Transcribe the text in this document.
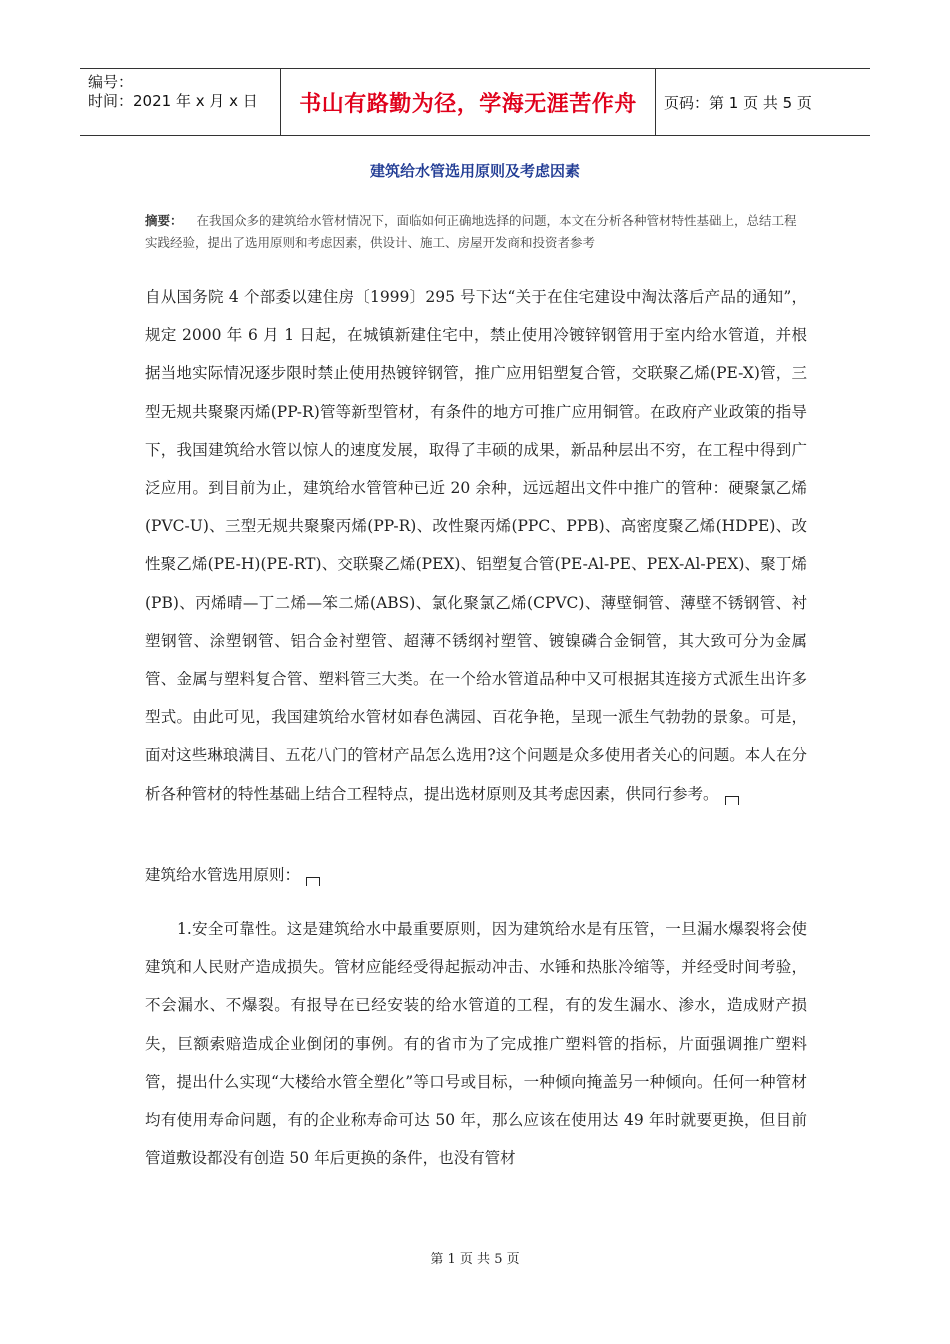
编号：
时间：2021 年 x 月 x 日	书山有路勤为径，学海无涯苦作舟 页码：第 1 页 共 5 页
建筑给水管选用原则及考虑因素
摘要： 在我国众多的建筑给水管材情况下，面临如何正确地选择的问题，本文在分析各种管材特性基础上，总结工程实践经验，提出了选用原则和考虑因素，供设计、施工、房屋开发商和投资者参考

自从国务院 4 个部委以建住房〔1999〕295 号下达“关于在住宅建设中淘汰落后产品的通知”，规定 2000 年 6 月 1 日起，在城镇新建住宅中，禁止使用冷镀锌钢管用于室内给水管道，并根据当地实际情况逐步限时禁止使用热镀锌钢管，推广应用铝塑复合管，交联聚乙烯(PE-X)管，三型无规共聚聚丙烯(PP-R)管等新型管材，有条件的地方可推广应用铜管。在政府产业政策的指导下，我国建筑给水管以惊人的速度发展，取得了丰硕的成果，新品种层出不穷，在工程中得到广泛应用。到目前为止，建筑给水管管种已近 20 余种，远远超出文件中推广的管种：硬聚氯乙烯(PVC-U)、三型无规共聚聚丙烯(PP-R)、改性聚丙烯(PPC、PPB)、高密度聚乙烯(HDPE)、改性聚乙烯(PE-H)(PE-RT)、交联聚乙烯(PEX)、铝塑复合管(PE-Al-PE、PEX-Al-PEX)、聚丁烯(PB)、丙烯晴—丁二烯—笨二烯(ABS)、氯化聚氯乙烯(CPVC)、薄壁铜管、薄壁不锈钢管、衬塑钢管、涂塑钢管、铝合金衬塑管、超薄不锈纲衬塑管、镀镍磷合金铜管，其大致可分为金属管、金属与塑料复合管、塑料管三大类。在一个给水管道品种中又可根据其连接方式派生出许多型式。由此可见，我国建筑给水管材如春色满园、百花争艳，呈现一派生气勃勃的景象。可是，面对这些琳琅满目、五花八门的管材产品怎么选用?这个问题是众多使用者关心的问题。本人在分析各种管材的特性基础上结合工程特点，提出选材原则及其考虑因素，供同行参考。

建筑给水管选用原则：

1.安全可靠性。这是建筑给水中最重要原则，因为建筑给水是有压管，一旦漏水爆裂将会使建筑和人民财产造成损失。管材应能经受得起振动冲击、水锤和热胀冷缩等，并经受时间考验，不会漏水、不爆裂。有报导在已经安装的给水管道的工程，有的发生漏水、渗水，造成财产损失，巨额索赔造成企业倒闭的事例。有的省市为了完成推广塑料管的指标，片面强调推广塑料管，提出什么实现“大楼给水管全塑化”等口号或目标，一种倾向掩盖另一种倾向。任何一种管材均有使用寿命问题，有的企业称寿命可达 50 年，那么应该在使用达 49 年时就要更换，但目前管道敷设都没有创造 50 年后更换的条件，也没有管材

第 1 页 共 5 页
